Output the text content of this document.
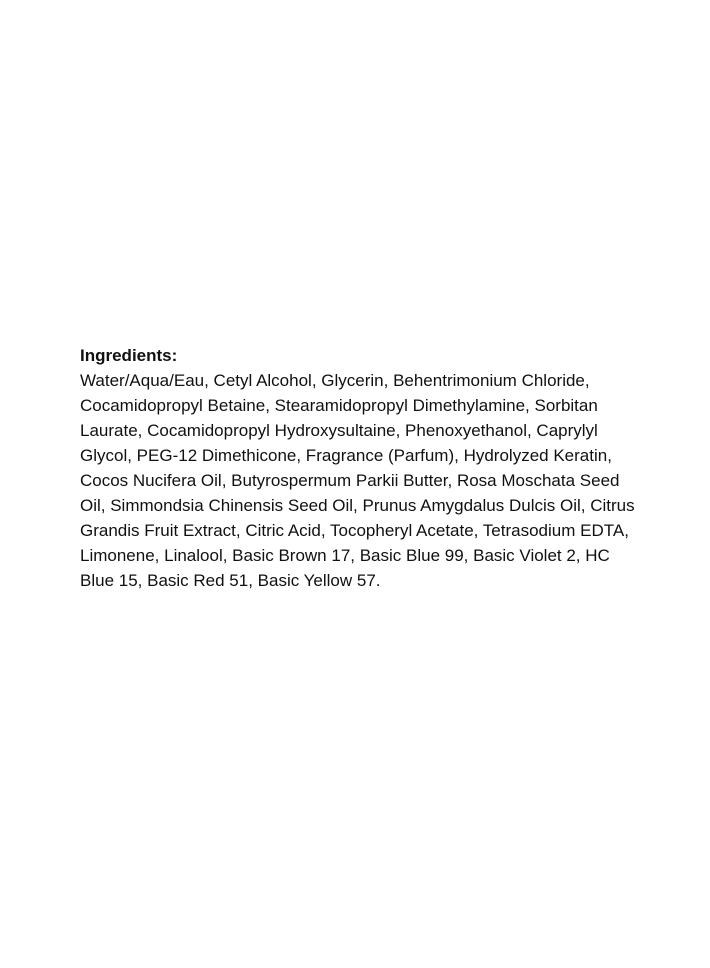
Ingredients:

Water/Aqua/Eau, Cetyl Alcohol, Glycerin, Behentrimonium Chloride,

Cocamidopropyl Betaine, Stearamidopropyl Dimethylamine, Sorbitan

Laurate, Cocamidopropyl Hydroxysultaine, Phenoxyethanol, Caprylyl

Glycol, PEG-12 Dimethicone, Fragrance (Parfum), Hydrolyzed Keratin,

Cocos Nucifera Oil, Butyrospermum Parkii Butter, Rosa Moschata Seed

Oil, Simmondsia Chinensis Seed Oil, Prunus Amygdalus Dulcis Oil, Citrus

Grandis Fruit Extract, Citric Acid, Tocopheryl Acetate, Tetrasodium EDTA,

Limonene, Linalool, Basic Brown 17, Basic Blue 99, Basic Violet 2, HC

Blue 15, Basic Red 51, Basic Yellow 57.
